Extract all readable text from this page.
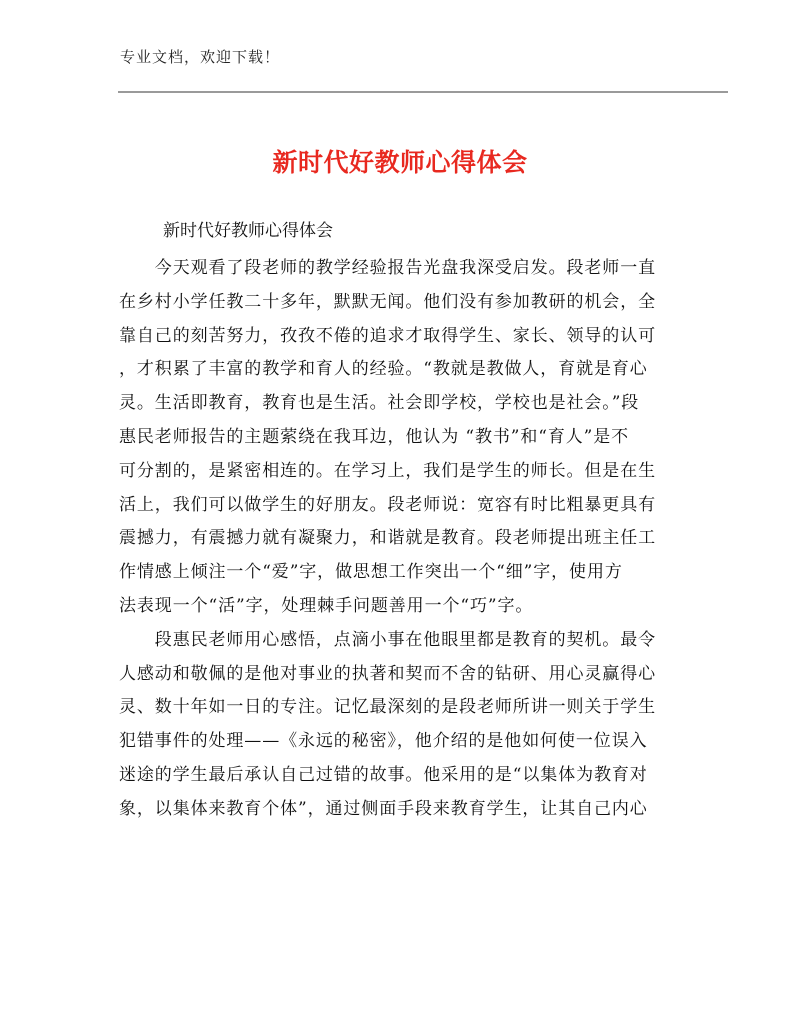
专业文档，欢迎下载！
新时代好教师心得体会
新时代好教师心得体会
　　今天观看了段老师的教学经验报告光盘我深受启发。段老师一直
在乡村小学任教二十多年，默默无闻。他们没有参加教研的机会，全
靠自己的刻苦努力，孜孜不倦的追求才取得学生、家长、领导的认可
，才积累了丰富的教学和育人的经验。“教就是教做人，育就是育心
灵。生活即教育，教育也是生活。社会即学校，学校也是社会。”段
惠民老师报告的主题萦绕在我耳边，他认为 “教书”和“育人”是不
可分割的，是紧密相连的。在学习上，我们是学生的师长。但是在生
活上，我们可以做学生的好朋友。段老师说：宽容有时比粗暴更具有
震撼力，有震撼力就有凝聚力，和谐就是教育。段老师提出班主任工
作情感上倾注一个“爱”字，做思想工作突出一个“细”字，使用方
法表现一个“活”字，处理棘手问题善用一个“巧”字。
　　段惠民老师用心感悟，点滴小事在他眼里都是教育的契机。最令
人感动和敬佩的是他对事业的执著和契而不舍的钻研、用心灵赢得心
灵、数十年如一日的专注。记忆最深刻的是段老师所讲一则关于学生
犯错事件的处理——《永远的秘密》，他介绍的是他如何使一位误入
迷途的学生最后承认自己过错的故事。他采用的是“以集体为教育对
象，以集体来教育个体”，通过侧面手段来教育学生，让其自己内心
